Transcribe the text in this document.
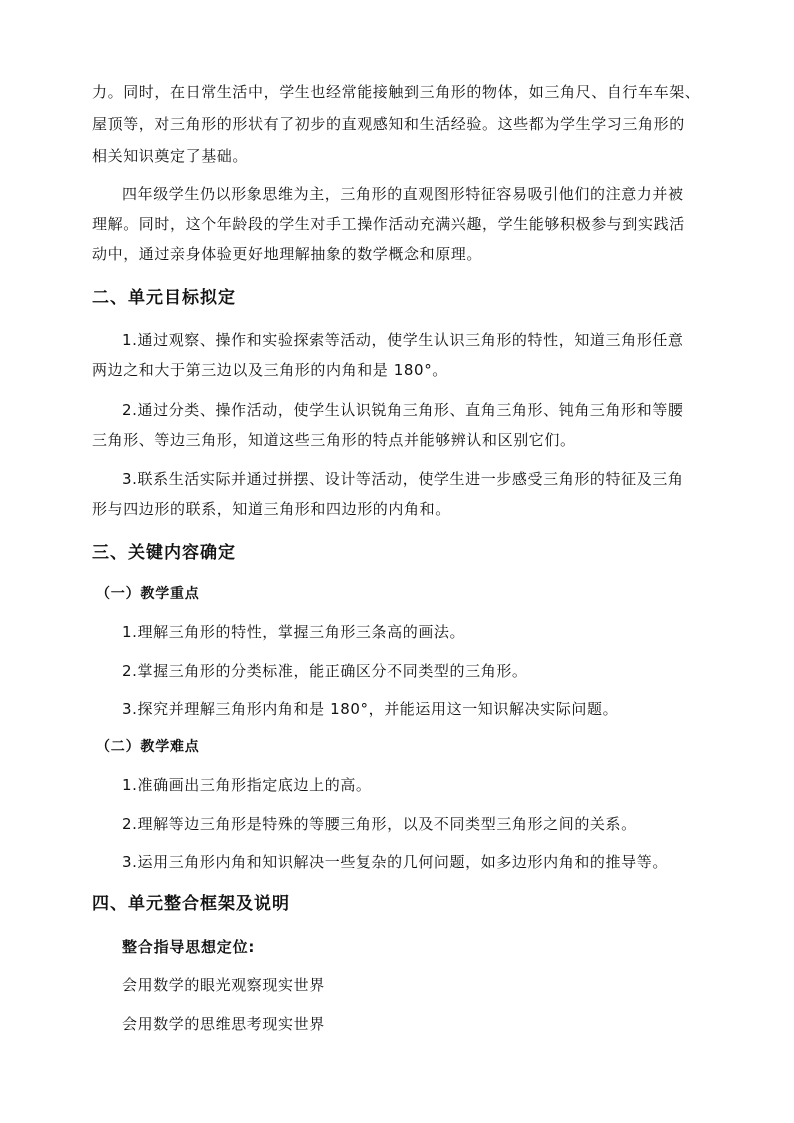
力。同时，在日常生活中，学生也经常能接触到三角形的物体，如三角尺、自行车车架、
屋顶等，对三角形的形状有了初步的直观感知和生活经验。这些都为学生学习三角形的
相关知识奠定了基础。
四年级学生仍以形象思维为主，三角形的直观图形特征容易吸引他们的注意力并被
理解。同时，这个年龄段的学生对手工操作活动充满兴趣，学生能够积极参与到实践活
动中，通过亲身体验更好地理解抽象的数学概念和原理。
二、单元目标拟定
1.通过观察、操作和实验探索等活动，使学生认识三角形的特性，知道三角形任意
两边之和大于第三边以及三角形的内角和是 180°。
2.通过分类、操作活动，使学生认识锐角三角形、直角三角形、钝角三角形和等腰
三角形、等边三角形，知道这些三角形的特点并能够辨认和区别它们。
3.联系生活实际并通过拼摆、设计等活动，使学生进一步感受三角形的特征及三角
形与四边形的联系，知道三角形和四边形的内角和。
三、关键内容确定
（一）教学重点
1.理解三角形的特性，掌握三角形三条高的画法。
2.掌握三角形的分类标准，能正确区分不同类型的三角形。
3.探究并理解三角形内角和是 180°，并能运用这一知识解决实际问题。
（二）教学难点
1.准确画出三角形指定底边上的高。
2.理解等边三角形是特殊的等腰三角形，以及不同类型三角形之间的关系。
3.运用三角形内角和知识解决一些复杂的几何问题，如多边形内角和的推导等。
四、单元整合框架及说明
整合指导思想定位:
会用数学的眼光观察现实世界
会用数学的思维思考现实世界
